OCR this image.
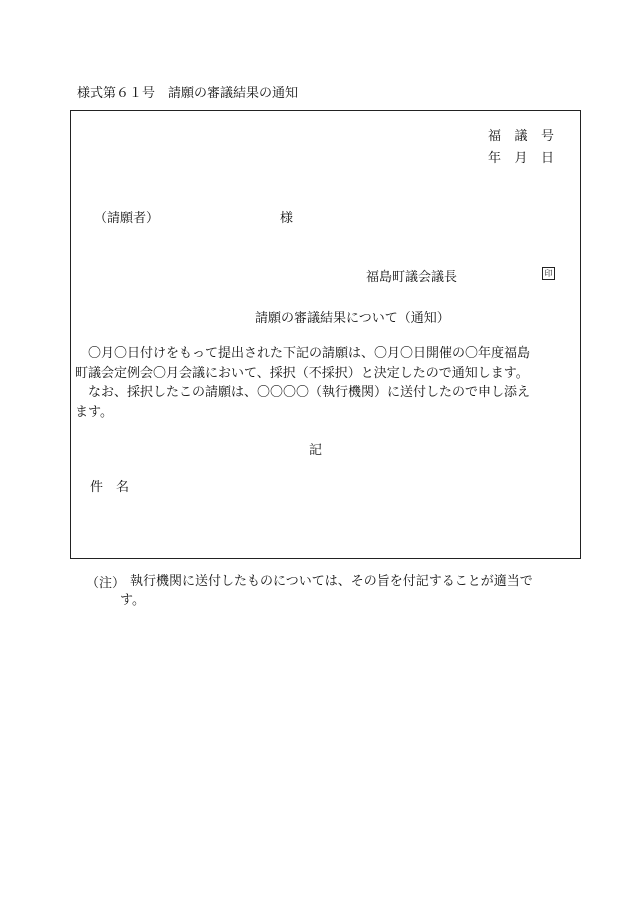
様式第６１号　請願の審議結果の通知
福 議 号
年 月 日
（請願者）	様
福島町議会議長	印
請願の審議結果について（通知）

　〇月〇日付けをもって提出された下記の請願は、〇月〇日開催の〇年度福島

町議会定例会〇月会議において、採択（不採択）と決定したので通知します。

　なお、採択したこの請願は、〇〇〇〇（執行機関）に送付したので申し添え

ます。

記
件名
（注） 執行機関に送付したものについては、その旨を付記することが適当で
す。
